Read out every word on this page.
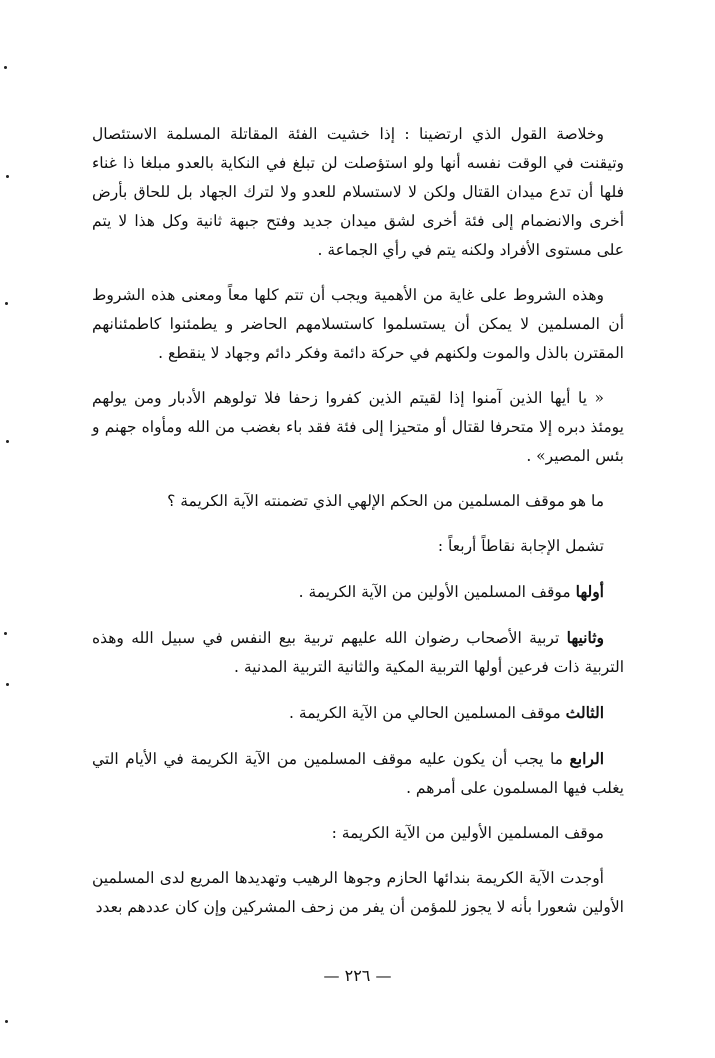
وخلاصة القول الذي ارتضينا : إذا خشيت الفئة المقاتلة المسلمة الاستئصال وتيقنت في الوقت نفسه أنها ولو استؤصلت لن تبلغ في النكاية بالعدو مبلغا ذا غناء فلها أن تدع ميدان القتال ولكن لا لاستسلام للعدو ولا لترك الجهاد بل للحاق بأرض أخرى والانضمام إلى فئة أخرى لشق ميدان جديد وفتح جبهة ثانية وكل هذا لا يتم على مستوى الأفراد ولكنه يتم في رأي الجماعة .

وهذه الشروط على غاية من الأهمية ويجب أن تتم كلها معاً ومعنى هذه الشروط أن المسلمين لا يمكن أن يستسلموا كاستسلامهم الحاضر و يطمئنوا كاطمئنانهم المقترن بالذل والموت ولكنهم في حركة دائمة وفكر دائم وجهاد لا ينقطع .

« يا أيها الذين آمنوا إذا لقيتم الذين كفروا زحفا فلا تولوهم الأدبار ومن يولهم يومئذ دبره إلا متحرفا لقتال أو متحيزا إلى فئة فقد باء بغضب من الله ومأواه جهنم و بئس المصير» .

ما هو موقف المسلمين من الحكم الإلهي الذي تضمنته الآية الكريمة ؟

تشمل الإجابة نقاطاً أربعاً :

أولها موقف المسلمين الأولين من الآية الكريمة .

وثانيها تربية الأصحاب رضوان الله عليهم تربية بيع النفس في سبيل الله وهذه التربية ذات فرعين أولها التربية المكية والثانية التربية المدنية .

الثالث موقف المسلمين الحالي من الآية الكريمة .

الرابع ما يجب أن يكون عليه موقف المسلمين من الآية الكريمة في الأيام التي يغلب فيها المسلمون على أمرهم .

موقف المسلمين الأولين من الآية الكريمة :

أوجدت الآية الكريمة بندائها الحازم وجوها الرهيب وتهديدها المريع لدى المسلمين الأولين شعورا بأنه لا يجوز للمؤمن أن يفر من زحف المشركين وإن كان عددهم بعدد

— ٢٢٦ —
